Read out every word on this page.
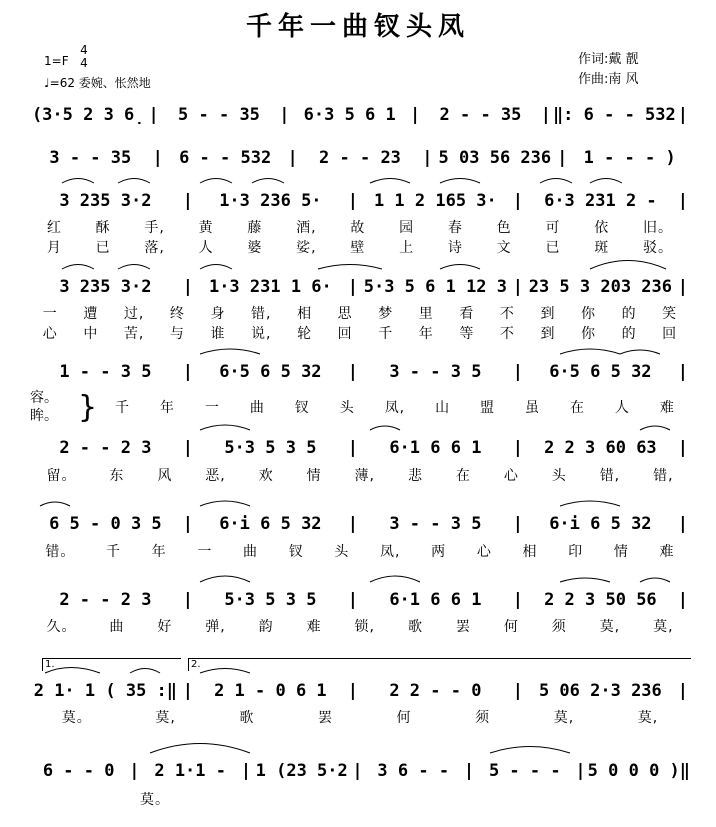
千年一曲钗头凤
1=F
4
4
♩=62 委婉、怅然地
作词:戴 靓
作曲:南 风
(3·5 2 3 6̣ |	5 - - 35	| 6·3 5 6 1 |	2 - - 35	| ‖: 6 - - 532 |
3 - - 35	| 6 - - 532 |	2 - - 23	| 5 03 56 236 | 1 - - - )
3 235 3·2	|	1·3 236 5·	| 1 1 2 165 3· |	6·3 231 2 -	|
红 酥 手, 黄 藤 酒, 故 园 春 色 可 依 旧。
月 已 落, 人 婆 娑, 壁 上 诗 文 已 斑 驳。
3 235 3·2	| 1·3 231 1 6· | 5·3 5 6 1 12 3 | 23 5 3 203 236 |
一 遭 过, 终 身 错, 相 思 梦 里 看 不 到 你 的 笑
心 中 苦, 与 谁 说, 轮 回 千 年 等 不 到 你 的 回
1 - - 3 5	|	6·5 6 5 32	|	3 - - 3 5	|	6·5 6 5 32	|
容。
眸。 } 千 年 一 曲 钗 头 凤, 山 盟 虽 在 人 难
2 - - 2 3	|	5·3 5 3 5	|	6·1 6 6 1	|	2 2 3 60 63	|
留。 东 风 恶, 欢 情 薄, 悲 在 心 头 错, 错,
6 5 - 0 3 5	|	6·i 6 5 32	|	3 - - 3 5	|	6·i 6 5 32	|
错。 千 年 一 曲 钗 头 凤, 两 心 相 印 情 难
2 - - 2 3	|	5·3 5 3 5	|	6·1 6 6 1	|	2 2 3 50 56	|
久。 曲 好 弹, 韵 难 锁, 歌 罢 何 须 莫, 莫,
1.	2.
2 1· 1 ( 35 :‖ |	2 1 - 0 6 1	|	2 2 - - 0	| 5 06 2·3 236 |
莫。	莫,	歌	罢	何	须	莫,	莫,
6 - - 0 | 2 1·1 - | 1 (23 5·2 | 3 6 - - | 5 - - - | 5 0 0 0 )‖
莫。
